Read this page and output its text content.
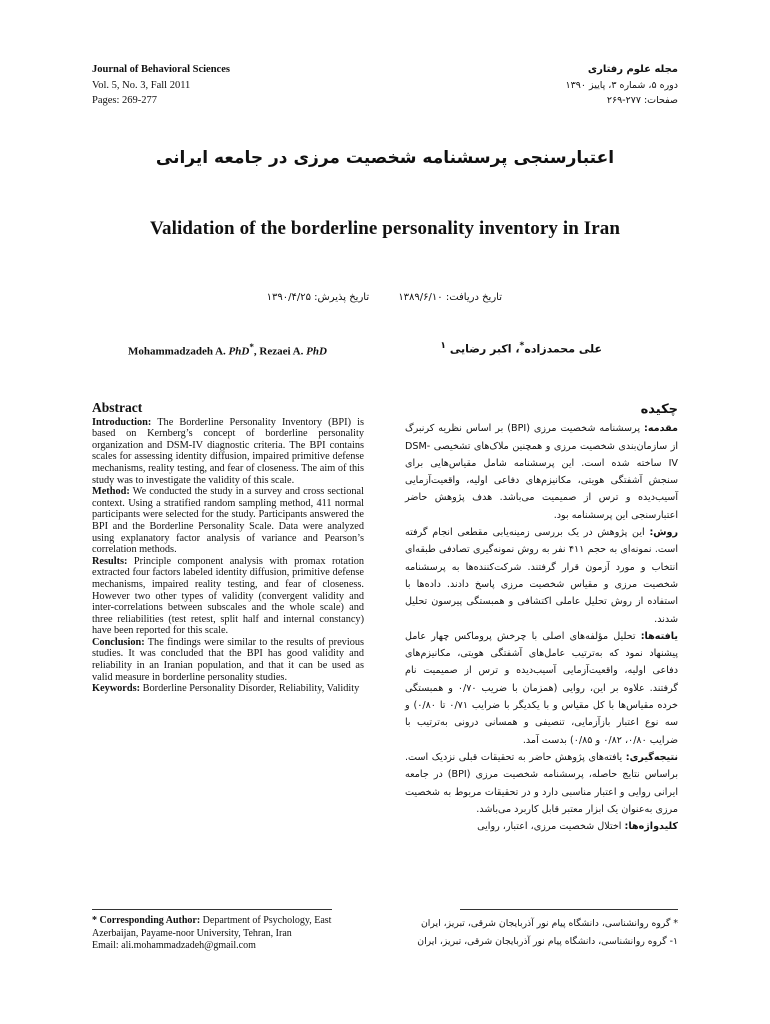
Journal of Behavioral Sciences
Vol. 5, No. 3, Fall 2011
Pages: 269-277
مجله علوم رفتاری
دوره ۵، شماره ۳، پاییز ۱۳۹۰
صفحات: ۲۷۷-۲۶۹
اعتبارسنجی پرسشنامه شخصیت مرزی در جامعه ایرانی
Validation of the borderline personality inventory in Iran
تاریخ دریافت: ۱۳۸۹/۶/۱۰ تاریخ پذیرش: ۱۳۹۰/۴/۲۵
Mohammadzadeh A. PhD*, Rezaei A. PhD	علی محمدزاده*، اکبر رضایی $^۱$
Abstract

Introduction: The Borderline Personality Inventory (BPI) is based on Kernberg’s concept of borderline personality organization and DSM-IV diagnostic criteria. The BPI contains scales for assessing identity diffusion, impaired primitive defense mechanisms, reality testing, and fear of closeness. The aim of this study was to investigate the validity of this scale.

Method: We conducted the study in a survey and cross sectional context. Using a stratified random sampling method, 411 normal participants were selected for the study. Participants answered the BPI and the Borderline Personality Scale. Data were analyzed using explanatory factor analysis of variance and Pearson’s correlation methods.

Results: Principle component analysis with promax rotation extracted four factors labeled identity diffusion, primitive defense mechanisms, impaired reality testing, and fear of closeness. However two other types of validity (convergent validity and inter-correlations between subscales and the whole scale) and three reliabilities (test retest, split half and internal constancy) have been reported for this scale.

Conclusion: The findings were similar to the results of previous studies. It was concluded that the BPI has good validity and reliability in an Iranian population, and that it can be used as valid measure in borderline personality studies.

Keywords: Borderline Personality Disorder, Reliability, Validity

چکیده

مقدمه: پرسشنامه شخصیت مرزی (BPI) بر اساس نظریه کرنبرگ از سازمان‌بندی شخصیت مرزی و همچنین ملاک‌های تشخیصی DSM-IV ساخته شده است. این پرسشنامه شامل مقیاس‌هایی برای سنجش آشفتگی هویتی، مکانیزم‌های دفاعی اولیه، واقعیت‌آزمایی آسیب‌دیده و ترس از صمیمیت می‌باشد. هدف پژوهش حاضر اعتبارسنجی این پرسشنامه بود.

روش: این پژوهش در یک بررسی زمینه‌یابی مقطعی انجام گرفته است. نمونه‌ای به حجم ۴۱۱ نفر به روش نمونه‌گیری تصادفی طبقه‌ای انتخاب و مورد آزمون قرار گرفتند. شرکت‌کننده‌ها به پرسشنامه شخصیت مرزی و مقیاس شخصیت مرزی پاسخ دادند. داده‌ها با استفاده از روش تحلیل عاملی اکتشافی و همبستگی پیرسون تحلیل شدند.

یافته‌ها: تحلیل مؤلفه‌های اصلی با چرخش پروماکس چهار عامل پیشنهاد نمود که به‌ترتیب عامل‌های آشفتگی هویتی، مکانیزم‌های دفاعی اولیه، واقعیت‌آزمایی آسیب‌دیده و ترس از صمیمیت نام گرفتند. علاوه بر این، روایی (همزمان با ضریب ۰/۷۰ و همبستگی خرده مقیاس‌ها با کل مقیاس و با یکدیگر با ضرایب ۰/۷۱ تا ۰/۸۰) و سه نوع اعتبار بازآزمایی، تنصیفی و همسانی درونی به‌ترتیب با ضرایب ۰/۸۰، ۰/۸۲ و ۰/۸۵) بدست آمد.

نتیجه‌گیری: یافته‌های پژوهش حاضر به تحقیقات قبلی نزدیک است. براساس نتایج حاصله، پرسشنامه شخصیت مرزی (BPI) در جامعه ایرانی روایی و اعتبار مناسبی دارد و در تحقیقات مربوط به شخصیت مرزی به‌عنوان یک ابزار معتبر قابل کاربرد می‌باشد.

کلیدواژه‌ها: اختلال شخصیت مرزی، اعتبار، روایی

* Corresponding Author: Department of Psychology, East
Azerbaijan, Payame-noor University, Tehran, Iran
Email: ali.mohammadzadeh@gmail.com

* گروه روانشناسی، دانشگاه پیام نور آذربایجان شرقی، تبریز، ایران

۱- گروه روانشناسی، دانشگاه پیام نور آذربایجان شرقی، تبریز، ایران
